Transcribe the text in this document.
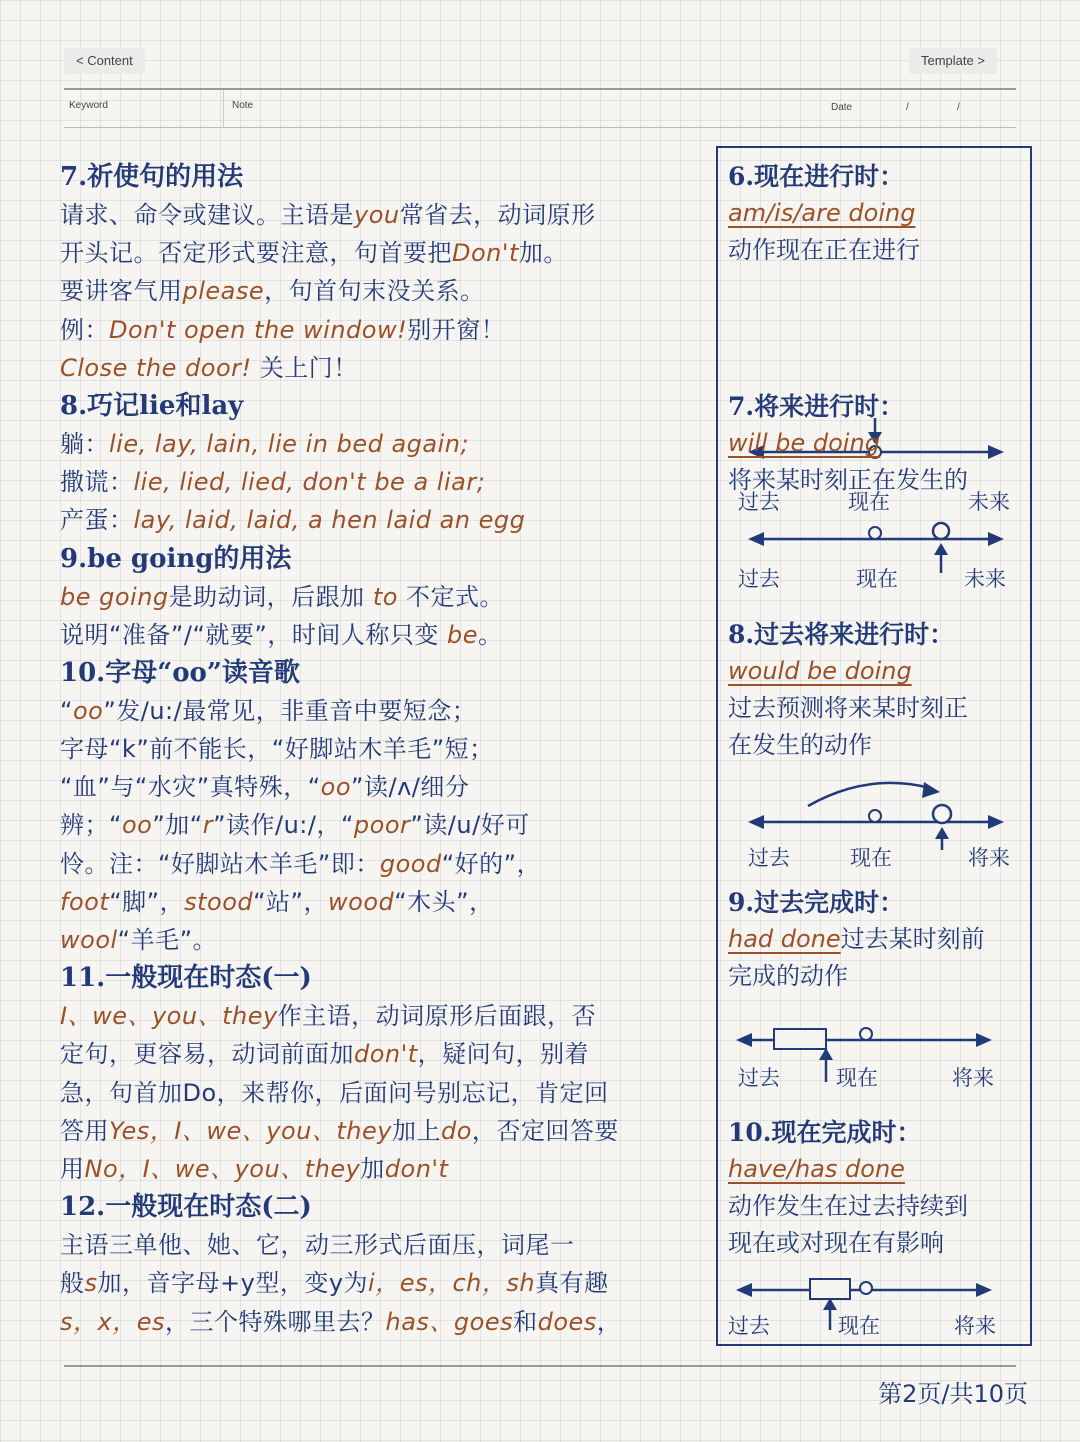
< Content	Template >
Keyword	Note	Date	/	/
7.祈使句的用法
请求、命令或建议。主语是you常省去，动词原形
开头记。否定形式要注意，句首要把Don't加。
要讲客气用please，句首句末没关系。
例：Don't open the window!别开窗！
Close the door! 关上门！
8.巧记lie和lay
躺：lie, lay, lain, lie in bed again;
撒谎：lie, lied, lied, don't be a liar;
产蛋：lay, laid, laid, a hen laid an egg
9.be going的用法
be going是助动词，后跟加 to 不定式。
说明“准备”/“就要”，时间人称只变 be。
10.字母“oo”读音歌
“oo”发/u:/最常见，非重音中要短念；
字母“k”前不能长，“好脚站木羊毛”短；
“血”与“水灾”真特殊，“oo”读/ʌ/细分
辨；“oo”加“r”读作/u:/，“poor”读/u/好可
怜。注：“好脚站木羊毛”即：good“好的”，
foot“脚”，stood“站”，wood“木头”，
wool“羊毛”。
11.一般现在时态(一)
I、we、you、they作主语，动词原形后面跟，否
定句，更容易，动词前面加don't，疑问句，别着
急，句首加Do，来帮你，后面问号别忘记，肯定回
答用Yes，I、we、you、they加上do，否定回答要
用No，I、we、you、they加don't
12.一般现在时态(二)
主语三单他、她、它，动三形式后面压，词尾一
般s加，音字母+y型，变y为i，es，ch，sh真有趣
s，x，es，三个特殊哪里去？has、goes和does，
6.现在进行时：
am/is/are doing
动作现在正在进行
过去	现在	未来
7.将来进行时：
will be doing
将来某时刻正在发生的
过去	现在	未来
8.过去将来进行时：
would be doing
过去预测将来某时刻正
在发生的动作
过去	现在	将来
9.过去完成时：
had done过去某时刻前
完成的动作
过去	现在	将来
10.现在完成时：
have/has done
动作发生在过去持续到
现在或对现在有影响
过去	现在	将来
第2页/共10页
